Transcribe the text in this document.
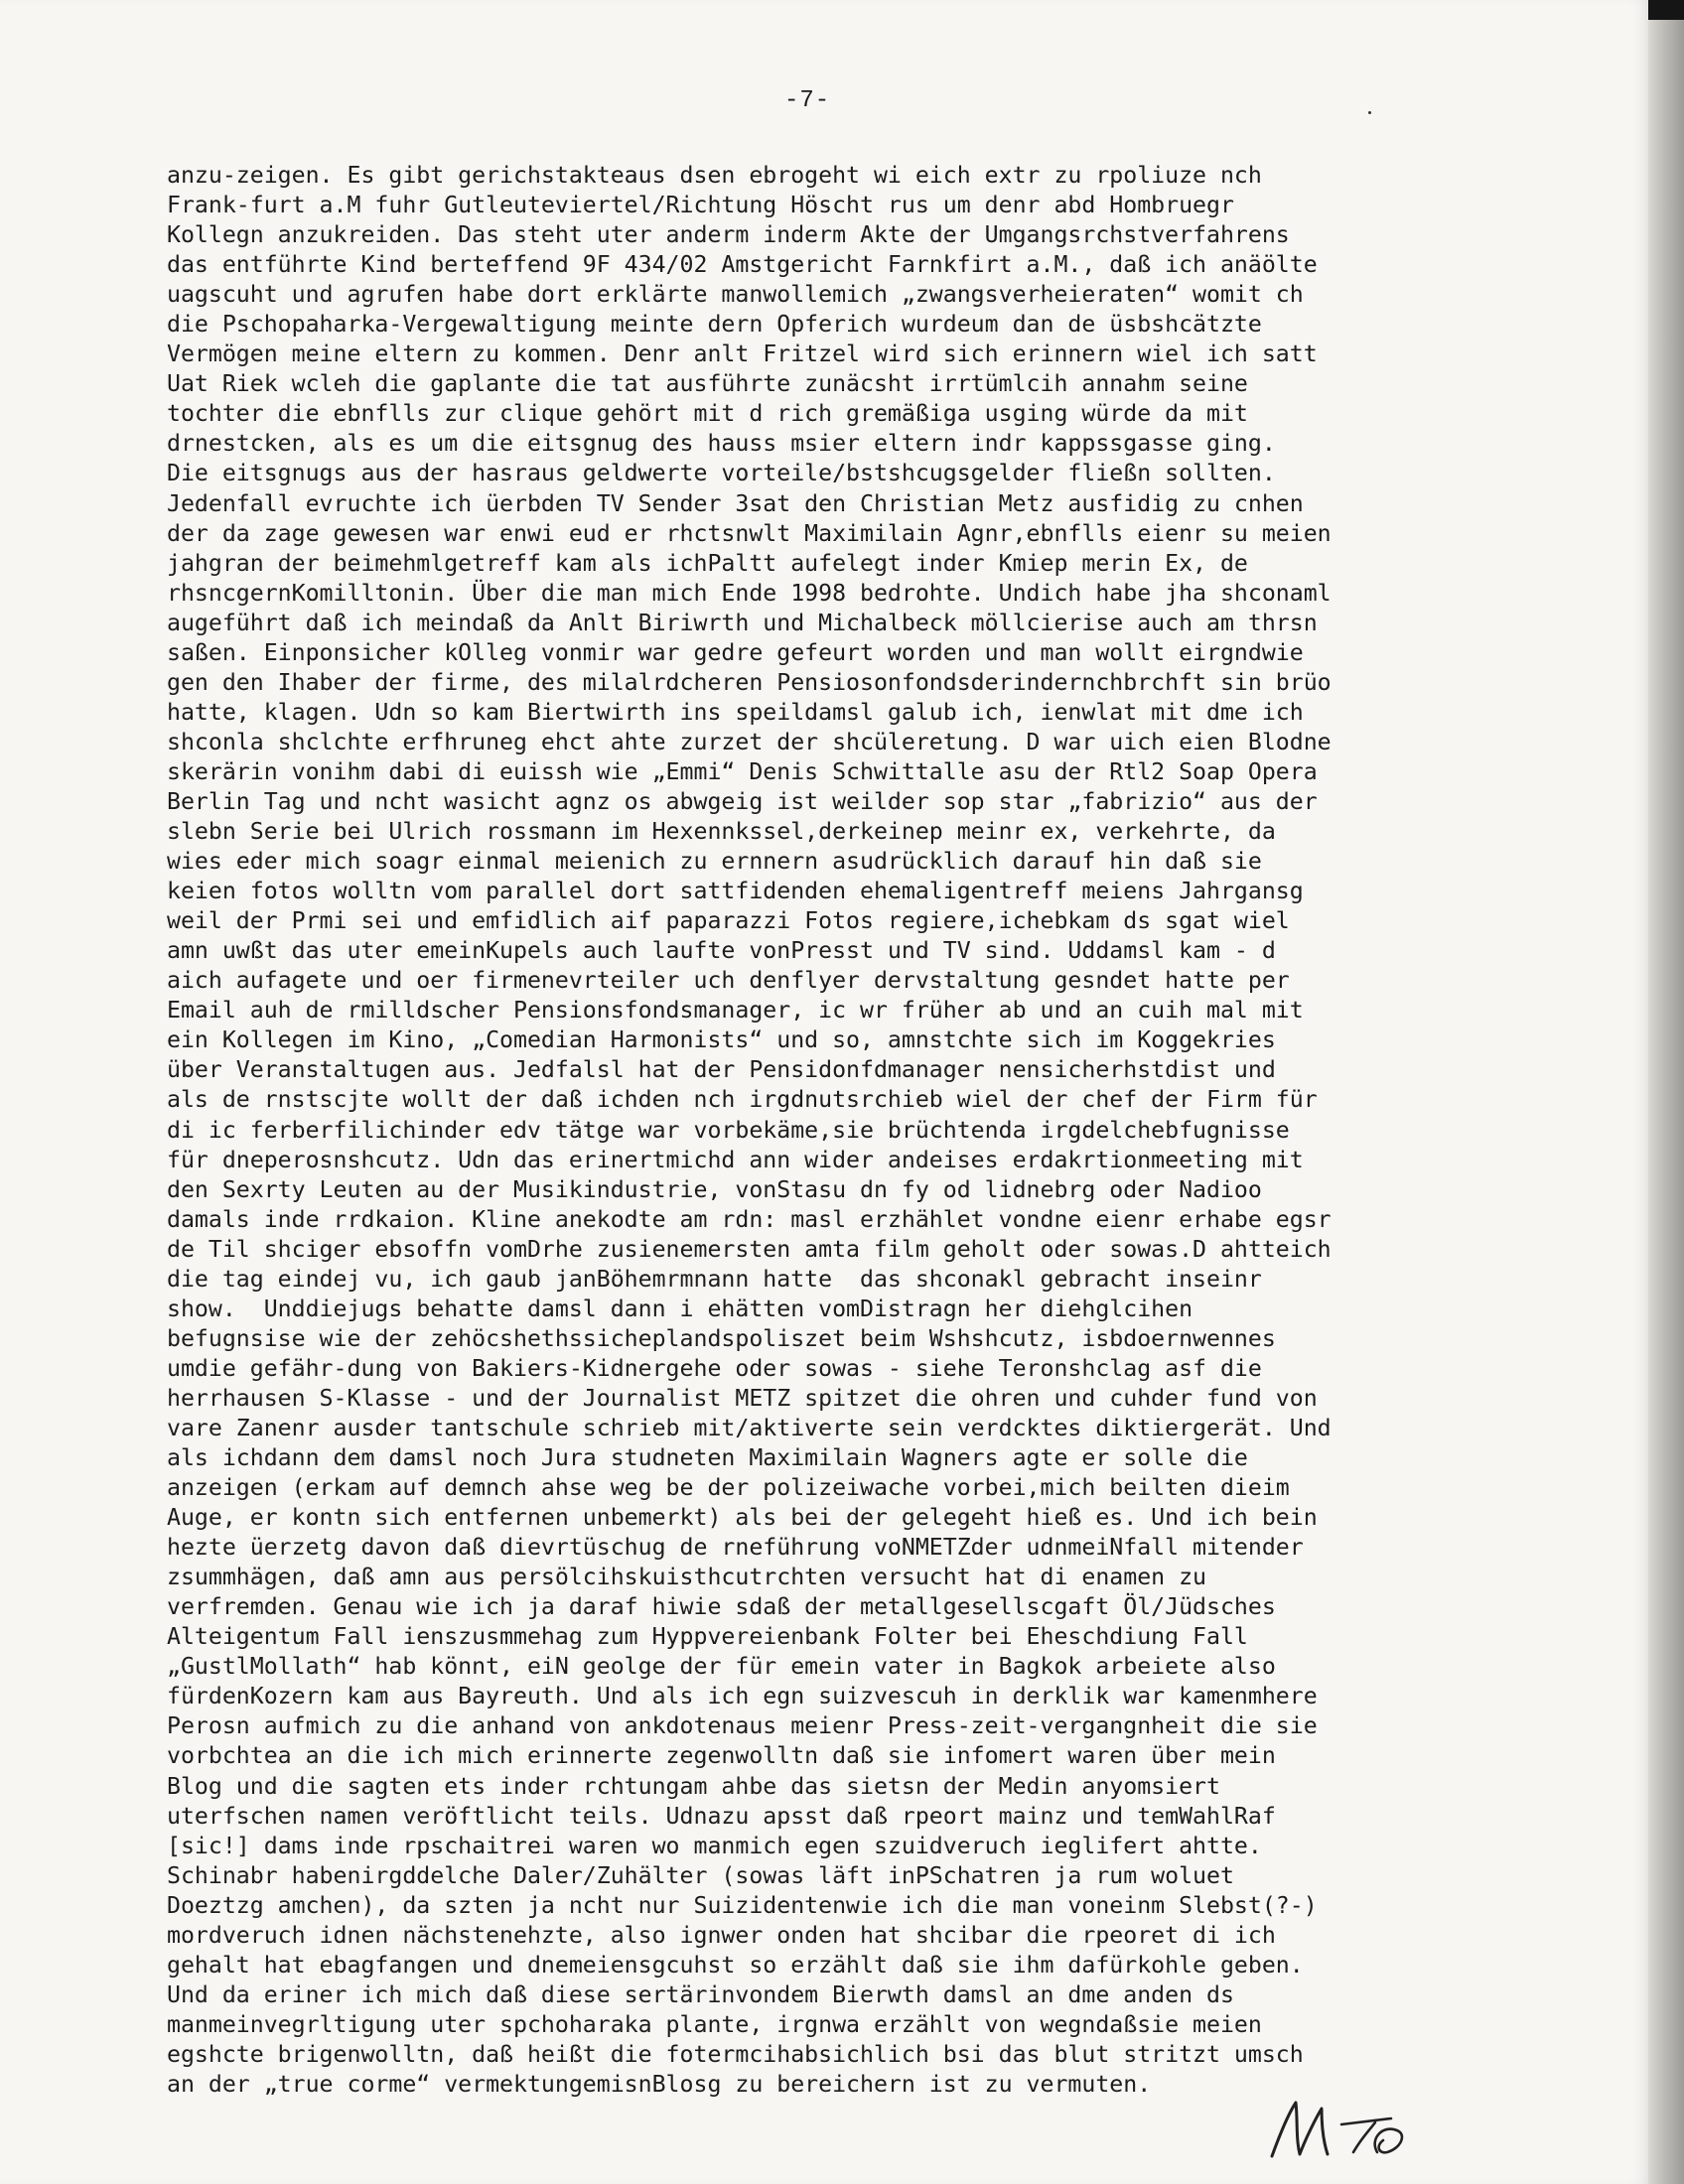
-7-
anzu-zeigen. Es gibt gerichstakteaus dsen ebrogeht wi eich extr zu rpoliuze nch
Frank-furt a.M fuhr Gutleuteviertel/Richtung Höscht rus um denr abd Hombruegr
Kollegn anzukreiden. Das steht uter anderm inderm Akte der Umgangsrchstverfahrens
das entführte Kind berteffend 9F 434/02 Amstgericht Farnkfirt a.M., daß ich anäölte
uagscuht und agrufen habe dort erklärte manwollemich „zwangsverheieraten“ womit ch
die Pschopaharka-Vergewaltigung meinte dern Opferich wurdeum dan de üsbshcätzte
Vermögen meine eltern zu kommen. Denr anlt Fritzel wird sich erinnern wiel ich satt
Uat Riek wcleh die gaplante die tat ausführte zunäcsht irrtümlcih annahm seine
tochter die ebnflls zur clique gehört mit d rich gremäßiga usging würde da mit
drnestcken, als es um die eitsgnug des hauss msier eltern indr kappssgasse ging.
Die eitsgnugs aus der hasraus geldwerte vorteile/bstshcugsgelder fließn sollten.
Jedenfall evruchte ich üerbden TV Sender 3sat den Christian Metz ausfidig zu cnhen
der da zage gewesen war enwi eud er rhctsnwlt Maximilain Agnr,ebnflls eienr su meien
jahgran der beimehmlgetreff kam als ichPaltt aufelegt inder Kmiep merin Ex, de
rhsncgernKomilltonin. Über die man mich Ende 1998 bedrohte. Undich habe jha shconaml
augeführt daß ich meindaß da Anlt Biriwrth und Michalbeck möllcierise auch am thrsn
saßen. Einponsicher kOlleg vonmir war gedre gefeurt worden und man wollt eirgndwie
gen den Ihaber der firme, des milalrdcheren Pensiosonfondsderindernchbrchft sin brüo
hatte, klagen. Udn so kam Biertwirth ins speildamsl galub ich, ienwlat mit dme ich
shconla shclchte erfhruneg ehct ahte zurzet der shcüleretung. D war uich eien Blodne
skerärin vonihm dabi di euissh wie „Emmi“ Denis Schwittalle asu der Rtl2 Soap Opera
Berlin Tag und ncht wasicht agnz os abwgeig ist weilder sop star „fabrizio“ aus der
slebn Serie bei Ulrich rossmann im Hexennkssel,derkeinep meinr ex, verkehrte, da
wies eder mich soagr einmal meienich zu ernnern asudrücklich darauf hin daß sie
keien fotos wolltn vom parallel dort sattfidenden ehemaligentreff meiens Jahrgansg
weil der Prmi sei und emfidlich aif paparazzi Fotos regiere,ichebkam ds sgat wiel
amn uwßt das uter emeinKupels auch laufte vonPresst und TV sind. Uddamsl kam - d
aich aufagete und oer firmenevrteiler uch denflyer dervstaltung gesndet hatte per
Email auh de rmilldscher Pensionsfondsmanager, ic wr früher ab und an cuih mal mit
ein Kollegen im Kino, „Comedian Harmonists“ und so, amnstchte sich im Koggekries
über Veranstaltugen aus. Jedfalsl hat der Pensidonfdmanager nensicherhstdist und
als de rnstscjte wollt der daß ichden nch irgdnutsrchieb wiel der chef der Firm für
di ic ferberfilichinder edv tätge war vorbekäme,sie brüchtenda irgdelchebfugnisse
für dneperosnshcutz. Udn das erinertmichd ann wider andeises erdakrtionmeeting mit
den Sexrty Leuten au der Musikindustrie, vonStasu dn fy od lidnebrg oder Nadioo
damals inde rrdkaion. Kline anekodte am rdn: masl erzhählet vondne eienr erhabe egsr
de Til shciger ebsoffn vomDrhe zusienemersten amta film geholt oder sowas.D ahtteich
die tag eindej vu, ich gaub janBöhemrmnann hatte  das shconakl gebracht inseinr
show.  Unddiejugs behatte damsl dann i ehätten vomDistragn her diehglcihen
befugnsise wie der zehöcshethssicheplandspoliszet beim Wshshcutz, isbdoernwennes
umdie gefähr-dung von Bakiers-Kidnergehe oder sowas - siehe Teronshclag asf die
herrhausen S-Klasse - und der Journalist METZ spitzet die ohren und cuhder fund von
vare Zanenr ausder tantschule schrieb mit/aktiverte sein verdcktes diktiergerät. Und
als ichdann dem damsl noch Jura studneten Maximilain Wagners agte er solle die
anzeigen (erkam auf demnch ahse weg be der polizeiwache vorbei,mich beilten dieim
Auge, er kontn sich entfernen unbemerkt) als bei der gelegeht hieß es. Und ich bein
hezte üerzetg davon daß dievrtüschug de rneführung voNMETZder udnmeiNfall mitender
zsummhägen, daß amn aus persölcihskuisthcutrchten versucht hat di enamen zu
verfremden. Genau wie ich ja daraf hiwie sdaß der metallgesellscgaft Öl/Jüdsches
Alteigentum Fall ienszusmmehag zum Hyppvereienbank Folter bei Eheschdiung Fall
„GustlMollath“ hab könnt, eiN geolge der für emein vater in Bagkok arbeiete also
fürdenKozern kam aus Bayreuth. Und als ich egn suizvescuh in derklik war kamenmhere
Perosn aufmich zu die anhand von ankdotenaus meienr Press-zeit-vergangnheit die sie
vorbchtea an die ich mich erinnerte zegenwolltn daß sie infomert waren über mein
Blog und die sagten ets inder rchtungam ahbe das sietsn der Medin anyomsiert
uterfschen namen veröftlicht teils. Udnazu apsst daß rpeort mainz und temWahlRaf
[sic!] dams inde rpschaitrei waren wo manmich egen szuidveruch ieglifert ahtte.
Schinabr habenirgddelche Daler/Zuhälter (sowas läft inPSchatren ja rum woluet
Doeztzg amchen), da szten ja ncht nur Suizidentenwie ich die man voneinm Slebst(?-)
mordveruch idnen nächstenehzte, also ignwer onden hat shcibar die rpeoret di ich
gehalt hat ebagfangen und dnemeiensgcuhst so erzählt daß sie ihm dafürkohle geben.
Und da eriner ich mich daß diese sertärinvondem Bierwth damsl an dme anden ds
manmeinvegrltigung uter spchoharaka plante, irgnwa erzählt von wegndaßsie meien
egshcte brigenwolltn, daß heißt die fotermcihabsichlich bsi das blut stritzt umsch
an der „true corme“ vermektungemisnBlosg zu bereichern ist zu vermuten.
